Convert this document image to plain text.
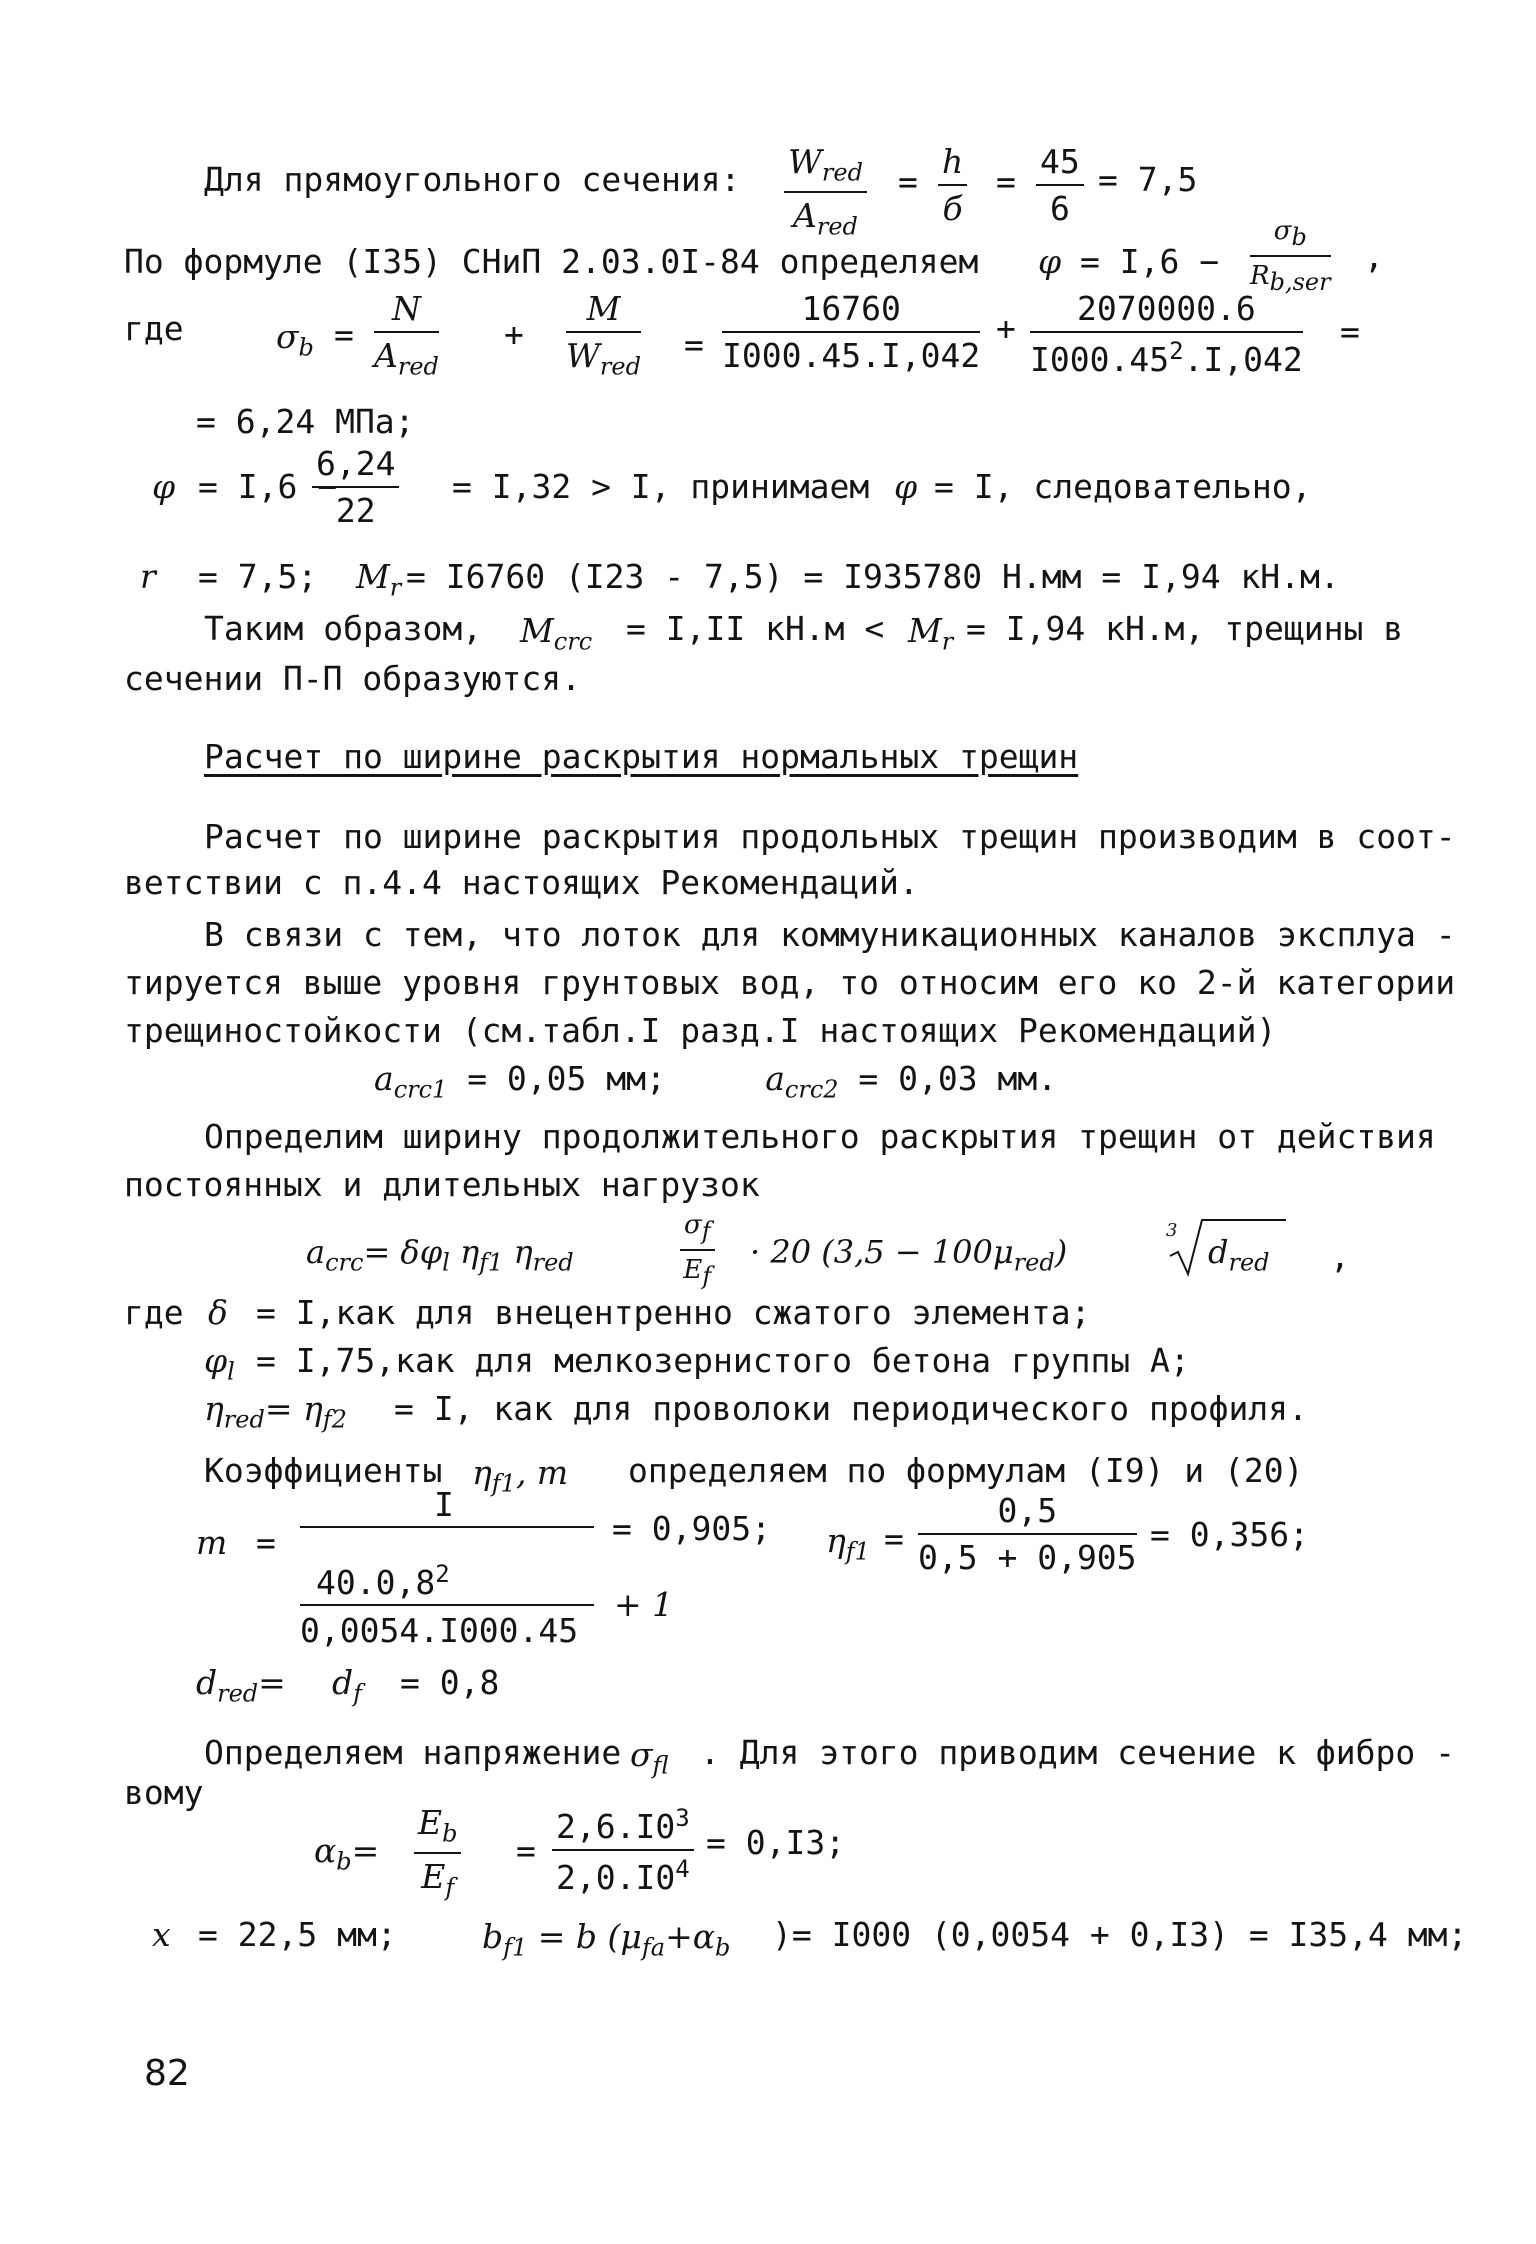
Для прямоугольного сечения: $W_{red}$
$A_{red}$
=
h
б
= $\frac{45}{6} = 7,5$
По формуле (I35) СНиП 2.03.0I-84 определяем φ = I,6 −
$\sigma_b$
$R_{b,ser}$
,
где	$\sigma_b$ =
N
$A_{red}$
+
M
$W_{red}$
= $\frac{16760}{I000.45.I,042} + \frac{2070000.6}{I000.45^2.I,042}$ =
= 6,24 МПа;
φ = I,6 −
$\frac{6,24}{22} = I,32 > I$, принимаем φ = I, следовательно,
r = 7,5; $M_r = I6760$ (I23 - 7,5) = I935780 Н.мм = I,94 кН.м.
Таким образом, $M_{crc} = I,II$ $кН.м < M_r = I,94$ кН.м, трещины в
сечении П-П образуются.
Расчет по ширине раскрытия нормальных трещин
Расчет по ширине раскрытия продольных трещин производим в соот-
ветствии с п.4.4 настоящих Рекомендаций.
В связи с тем, что лоток для коммуникационных каналов эксплуа -
тируется выше уровня грунтовых вод, то относим его ко 2-й категории
трещиностойкости (см.табл.I разд.I настоящих Рекомендаций)
$a_{crc1} = 0,05$ мм;	$a_{crc2} = 0,03$ мм.
Определим ширину продолжительного раскрытия трещин от действия
постоянных и длительных нагрузок
$a_{crc}= \delta\varphi_l$ $\eta_{f1}$ $\eta_{red}$	$\frac{\sigma_f}{E_f} \cdot 20$ $(3,5 - 100\mu_{red})$
3
$d_{red}$ ,
где δ = I,как для внецентренно сжатого элемента;
$\varphi_l = I,75,как$ для мелкозернистого бетона группы А;
$\eta_{red}= \eta_{f2} = I$, как для проволоки периодического профиля.
Коэффициенты $\eta_{f1}$, m определяем по формулам (I9) и (20)
m =
I
40.0,8$^2$
0,0054.I000.45
+ 1
= 0,905; $\eta_{f1} = \frac{0,5}{0,5 + 0,905} = 0,356$;
$d_{red}= d_f = 0,8$
Определяем напряжение $\sigma_{fl}$ . Для этого приводим сечение к фибро -
вому
$\alpha_b= \frac{E_b}{E_f} = \frac{2,6.I0^3}{2,0.I0^4} = 0,I3$;
x = 22,5 мм;	$b_{f1} = b$ ($\mu_{fa}+\alpha_b$ )= I000 (0,0054 + 0,I3) = I35,4 мм;
82
